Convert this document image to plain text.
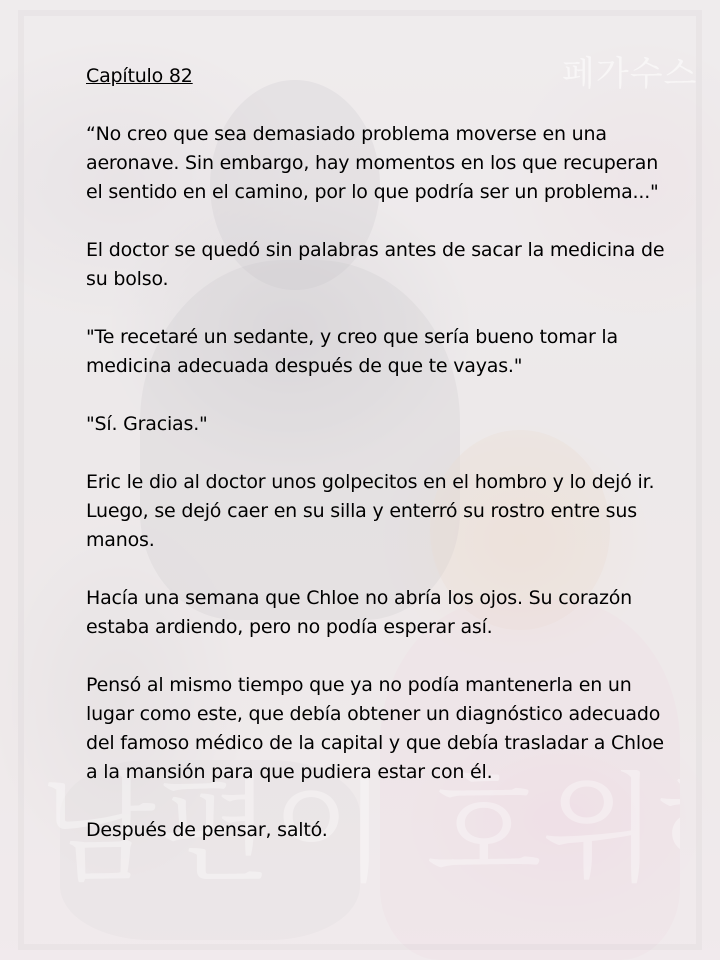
Capítulo 82

“No creo que sea demasiado problema moverse en una aeronave. Sin embargo, hay momentos en los que recuperan el sentido en el camino, por lo que podría ser un problema..."

El doctor se quedó sin palabras antes de sacar la medicina de su bolso.

"Te recetaré un sedante, y creo que sería bueno tomar la medicina adecuada después de que te vayas."

"Sí. Gracias."

Eric le dio al doctor unos golpecitos en el hombro y lo dejó ir. Luego, se dejó caer en su silla y enterró su rostro entre sus manos.

Hacía una semana que Chloe no abría los ojos. Su corazón estaba ardiendo, pero no podía esperar así.

Pensó al mismo tiempo que ya no podía mantenerla en un lugar como este, que debía obtener un diagnóstico adecuado del famoso médico de la capital y que debía trasladar a Chloe a la mansión para que pudiera estar con él.

Después de pensar, saltó.
